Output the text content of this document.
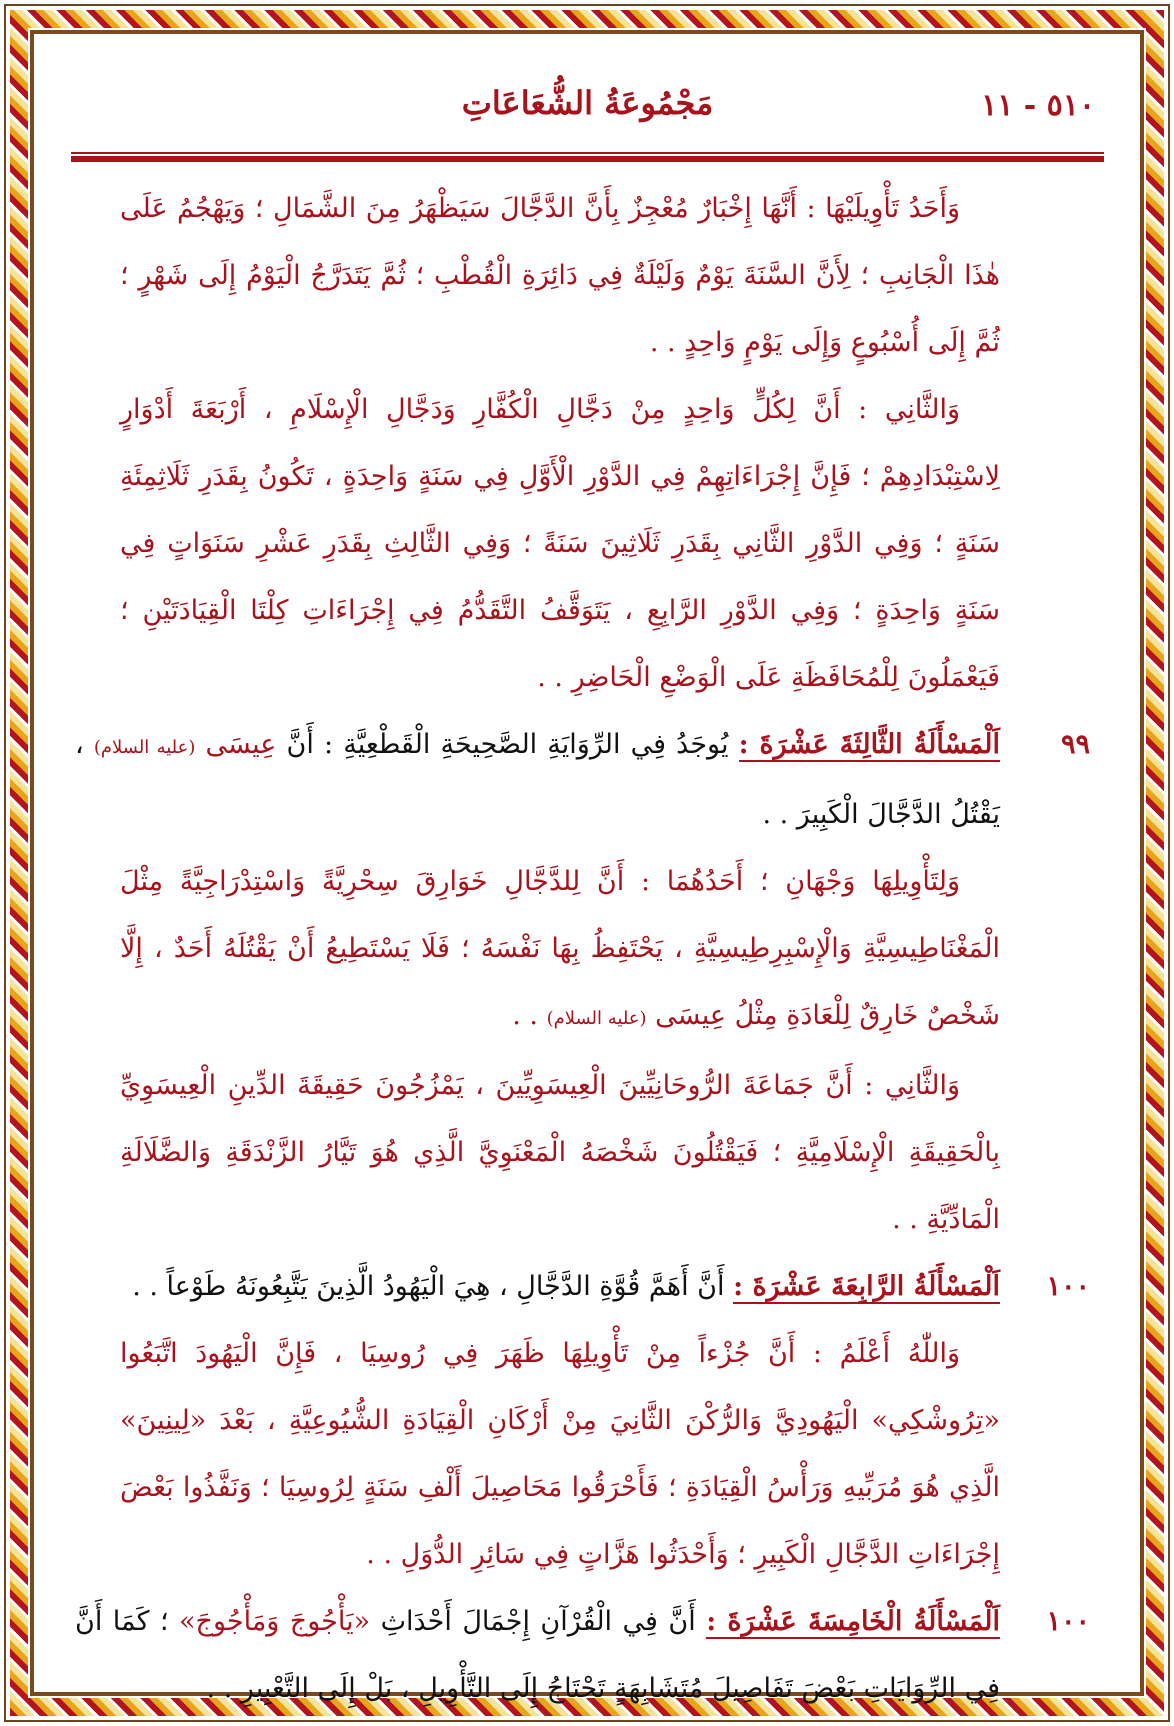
٥١٠ - ١١
مَجْمُوعَةُ الشُّعَاعَاتِ
وَأَحَدُ تَأْوِيلَيْهَا : أَنَّهَا إِخْبَارٌ مُعْجِزٌ بِأَنَّ الدَّجَّالَ سَيَظْهَرُ مِنَ الشَّمَالِ ؛ وَيَهْجُمُ عَلَى هٰذَا الْجَانِبِ ؛ لِأَنَّ السَّنَةَ يَوْمٌ وَلَيْلَةٌ فِي دَائِرَةِ الْقُطْبِ ؛ ثُمَّ يَتَدَرَّجُ الْيَوْمُ إِلَى شَهْرٍ ؛ ثُمَّ إِلَى أُسْبُوعٍ وَإِلَى يَوْمٍ وَاحِدٍ . .
وَالثَّانِي : أَنَّ لِكُلٍّ وَاحِدٍ مِنْ دَجَّالِ الْكُفَّارِ وَدَجَّالِ الْإِسْلَامِ ، أَرْبَعَةَ أَدْوَارٍ لِاسْتِبْدَادِهِمْ ؛ فَإِنَّ إِجْرَاءَاتِهِمْ فِي الدَّوْرِ الْأَوَّلِ فِي سَنَةٍ وَاحِدَةٍ ، تَكُونُ بِقَدَرِ ثَلَاثِمِئَةِ سَنَةٍ ؛ وَفِي الدَّوْرِ الثَّانِي بِقَدَرِ ثَلَاثِينَ سَنَةً ؛ وَفِي الثَّالِثِ بِقَدَرِ عَشْرِ سَنَوَاتٍ فِي سَنَةٍ وَاحِدَةٍ ؛ وَفِي الدَّوْرِ الرَّابِعِ ، يَتَوَقَّفُ التَّقَدُّمُ فِي إِجْرَاءَاتِ كِلْتَا الْقِيَادَتَيْنِ ؛ فَيَعْمَلُونَ لِلْمُحَافَظَةِ عَلَى الْوَضْعِ الْحَاضِرِ . .
٩٩
اَلْمَسْأَلَةُ الثَّالِثَةَ عَشْرَةَ : يُوجَدُ فِي الرِّوَايَةِ الصَّحِيحَةِ الْقَطْعِيَّةِ : أَنَّ عِيسَى (عليه السلام) ، يَقْتُلُ الدَّجَّالَ الْكَبِيرَ . .
وَلِتَأْوِيلِهَا وَجْهَانِ ؛ أَحَدُهُمَا : أَنَّ لِلدَّجَّالِ خَوَارِقَ سِحْرِيَّةً وَاسْتِدْرَاجِيَّةً مِثْلَ الْمَغْنَاطِيسِيَّةِ وَالْإِسْبِرِطِيسِيَّةِ ، يَحْتَفِظُ بِهَا نَفْسَهُ ؛ فَلَا يَسْتَطِيعُ أَنْ يَقْتُلَهُ أَحَدٌ ، إِلَّا شَخْصٌ خَارِقٌ لِلْعَادَةِ مِثْلُ عِيسَى (عليه السلام) . .
وَالثَّانِي : أَنَّ جَمَاعَةَ الرُّوحَانِيِّينَ الْعِيسَوِيِّينَ ، يَمْزُجُونَ حَقِيقَةَ الدِّينِ الْعِيسَوِيِّ بِالْحَقِيقَةِ الْإِسْلَامِيَّةِ ؛ فَيَقْتُلُونَ شَخْصَهُ الْمَعْنَوِيَّ الَّذِي هُوَ تَيَّارُ الزَّنْدَقَةِ وَالضَّلَالَةِ الْمَادِّيَّةِ . .
١٠٠
اَلْمَسْأَلَةُ الرَّابِعَةَ عَشْرَةَ : أَنَّ أَهَمَّ قُوَّةِ الدَّجَّالِ ، هِيَ الْيَهُودُ الَّذِينَ يَتَّبِعُونَهُ طَوْعاً . .
وَاللّٰهُ أَعْلَمُ : أَنَّ جُزْءاً مِنْ تَأْوِيلِهَا ظَهَرَ فِي رُوسِيَا ، فَإِنَّ الْيَهُودَ اتَّبَعُوا «تِرُوشْكِي» الْيَهُودِيَّ وَالرُّكْنَ الثَّانِيَ مِنْ أَرْكَانِ الْقِيَادَةِ الشُّيُوعِيَّةِ ، بَعْدَ «لِينِينَ» الَّذِي هُوَ مُرَبِّيهِ وَرَأْسُ الْقِيَادَةِ ؛ فَأَحْرَقُوا مَحَاصِيلَ أَلْفِ سَنَةٍ لِرُوسِيَا ؛ وَنَفَّذُوا بَعْضَ إِجْرَاءَاتِ الدَّجَّالِ الْكَبِيرِ ؛ وَأَحْدَثُوا هَزَّاتٍ فِي سَائِرِ الدُّوَلِ . .
١٠٠
اَلْمَسْأَلَةُ الْخَامِسَةَ عَشْرَةَ : أَنَّ فِي الْقُرْآنِ إِجْمَالَ أَحْدَاثِ «يَأْجُوجَ وَمَأْجُوجَ» ؛ كَمَا أَنَّ فِي الرِّوَايَاتِ بَعْضَ تَفَاصِيلَ مُتَشَابِهَةٍ تَحْتَاجُ إِلَى التَّأْوِيلِ ، بَلْ إِلَى التَّعْبِيرِ . .
